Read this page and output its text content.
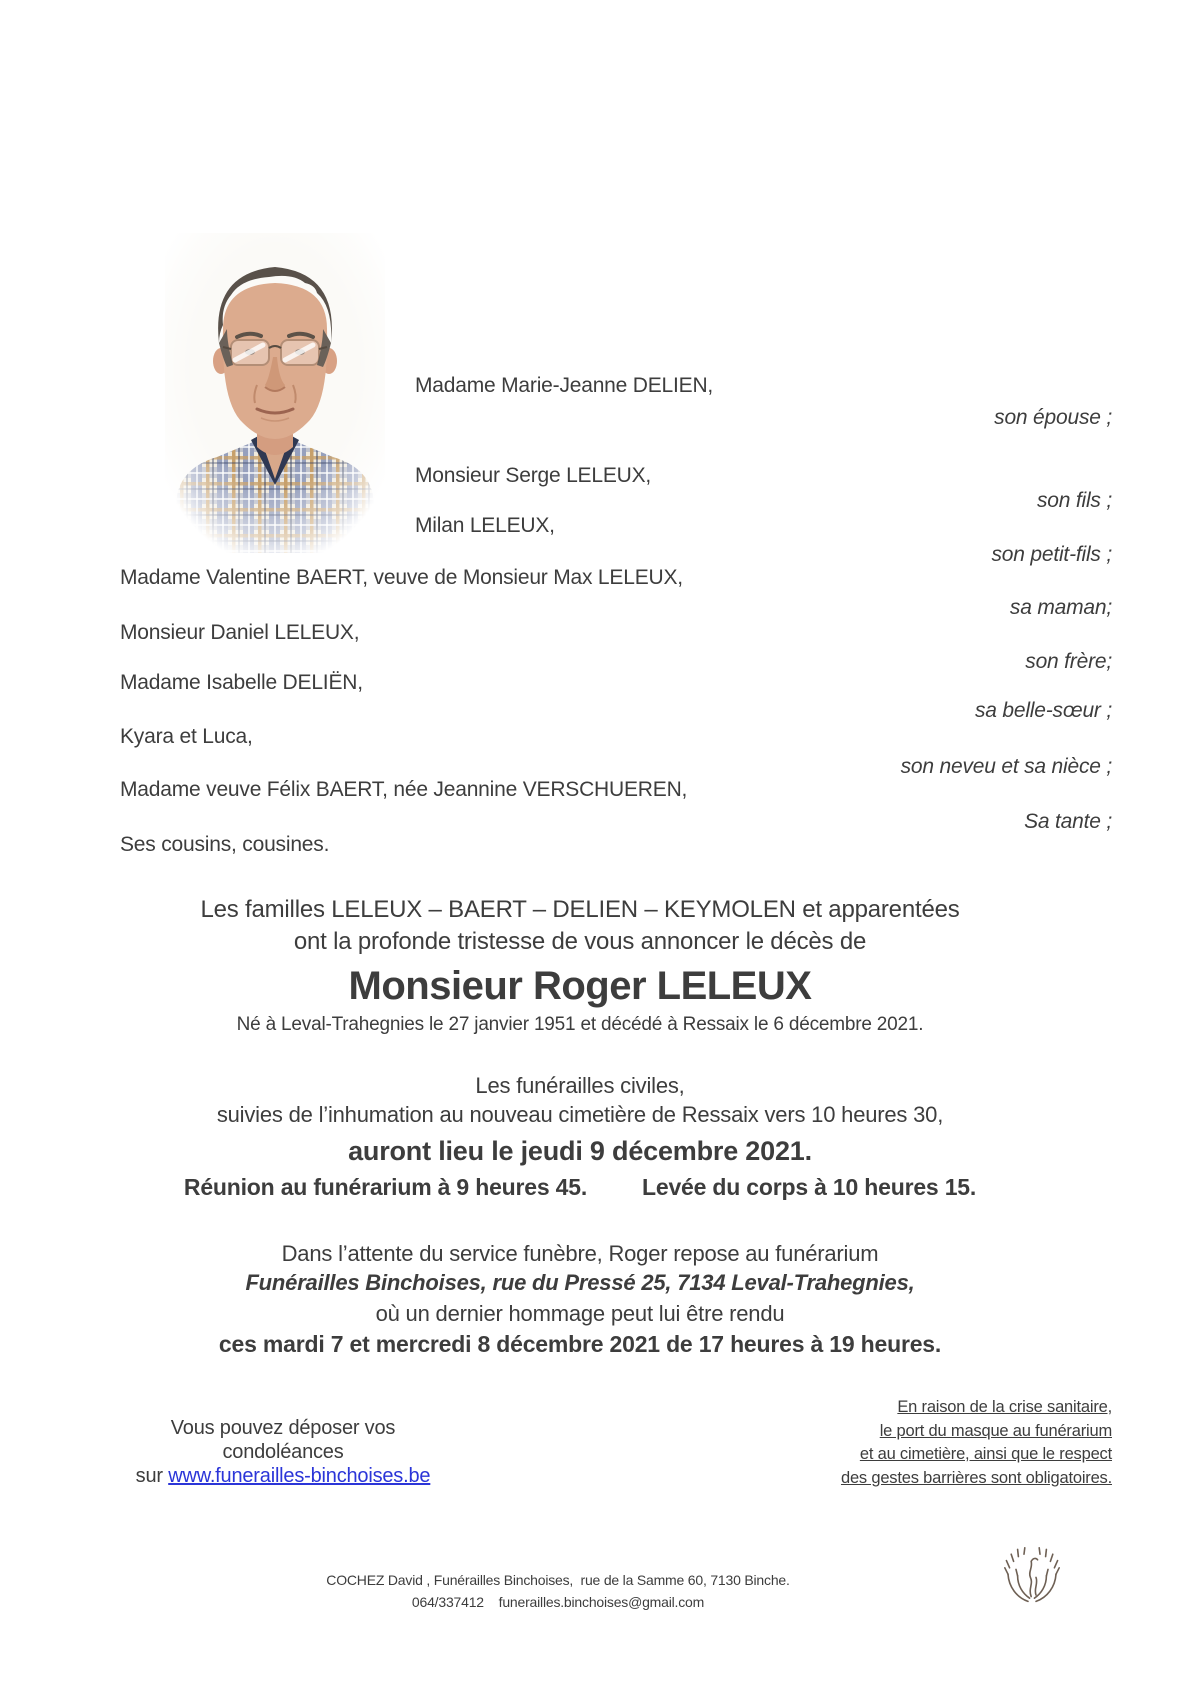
Madame Marie-Jeanne DELIEN,
son épouse ;
Monsieur Serge LELEUX,
son fils ;
Milan LELEUX,
son petit-fils ;
Madame Valentine BAERT, veuve de Monsieur Max LELEUX,
sa maman;
Monsieur Daniel LELEUX,
son frère;
Madame Isabelle DELIËN,
sa belle-sœur ;
Kyara et Luca,
son neveu et sa nièce ;
Madame veuve Félix BAERT, née Jeannine VERSCHUEREN,
Sa tante ;
Ses cousins, cousines.
Les familles LELEUX – BAERT – DELIEN – KEYMOLEN et apparentées
ont la profonde tristesse de vous annoncer le décès de
Monsieur Roger LELEUX
Né à Leval-Trahegnies le 27 janvier 1951 et décédé à Ressaix le 6 décembre 2021.
Les funérailles civiles,
suivies de l’inhumation au nouveau cimetière de Ressaix vers 10 heures 30,
auront lieu le jeudi 9 décembre 2021.
Réunion au funérarium à 9 heures 45. Levée du corps à 10 heures 15.
Dans l’attente du service funèbre, Roger repose au funérarium
Funérailles Binchoises, rue du Pressé 25, 7134 Leval-Trahegnies,
où un dernier hommage peut lui être rendu
ces mardi 7 et mercredi 8 décembre 2021 de 17 heures à 19 heures.
Vous pouvez déposer vos condoléances
sur www.funerailles-binchoises.be
En raison de la crise sanitaire,
le port du masque au funérarium
et au cimetière, ainsi que le respect
des gestes barrières sont obligatoires.
COCHEZ David , Funérailles Binchoises,  rue de la Samme 60, 7130 Binche.
064/337412    funerailles.binchoises@gmail.com
